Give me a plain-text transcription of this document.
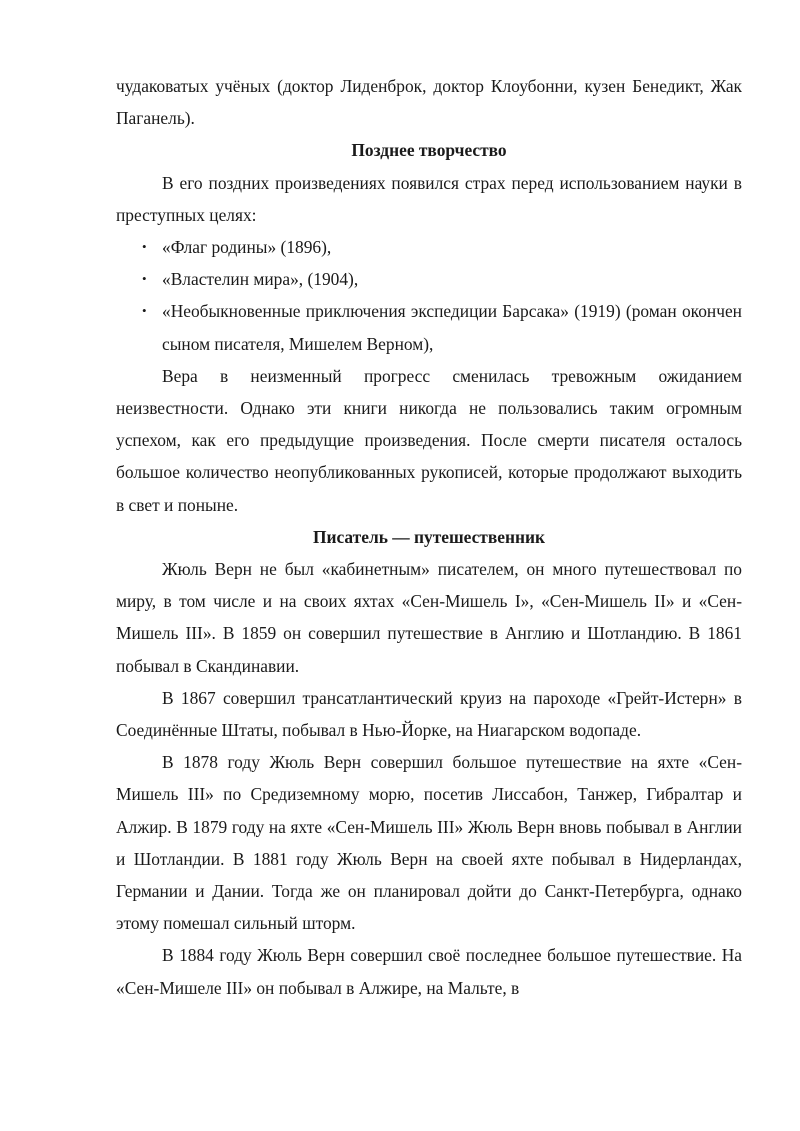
чудаковатых учёных (доктор Лиденброк, доктор Клоубонни, кузен Бенедикт, Жак Паганель).

Позднее творчество

В его поздних произведениях появился страх перед использованием науки в преступных целях:

• «Флаг родины» (1896),
• «Властелин мира», (1904),
• «Необыкновенные приключения экспедиции Барсака» (1919) (роман окончен сыном писателя, Мишелем Верном),

Вера в неизменный прогресс сменилась тревожным ожиданием неизвестности. Однако эти книги никогда не пользовались таким огромным успехом, как его предыдущие произведения. После смерти писателя осталось большое количество неопубликованных рукописей, которые продолжают выходить в свет и поныне.

Писатель — путешественник

Жюль Верн не был «кабинетным» писателем, он много путешествовал по миру, в том числе и на своих яхтах «Сен-Мишель I», «Сен-Мишель II» и «Сен-Мишель III». В 1859 он совершил путешествие в Англию и Шотландию. В 1861 побывал в Скандинавии.

В 1867 совершил трансатлантический круиз на пароходе «Грейт-Истерн» в Соединённые Штаты, побывал в Нью-Йорке, на Ниагарском водопаде.

В 1878 году Жюль Верн совершил большое путешествие на яхте «Сен-Мишель III» по Средиземному морю, посетив Лиссабон, Танжер, Гибралтар и Алжир. В 1879 году на яхте «Сен-Мишель III» Жюль Верн вновь побывал в Англии и Шотландии. В 1881 году Жюль Верн на своей яхте побывал в Нидерландах, Германии и Дании. Тогда же он планировал дойти до Санкт-Петербурга, однако этому помешал сильный шторм.

В 1884 году Жюль Верн совершил своё последнее большое путешествие. На «Сен-Мишеле III» он побывал в Алжире, на Мальте, в
